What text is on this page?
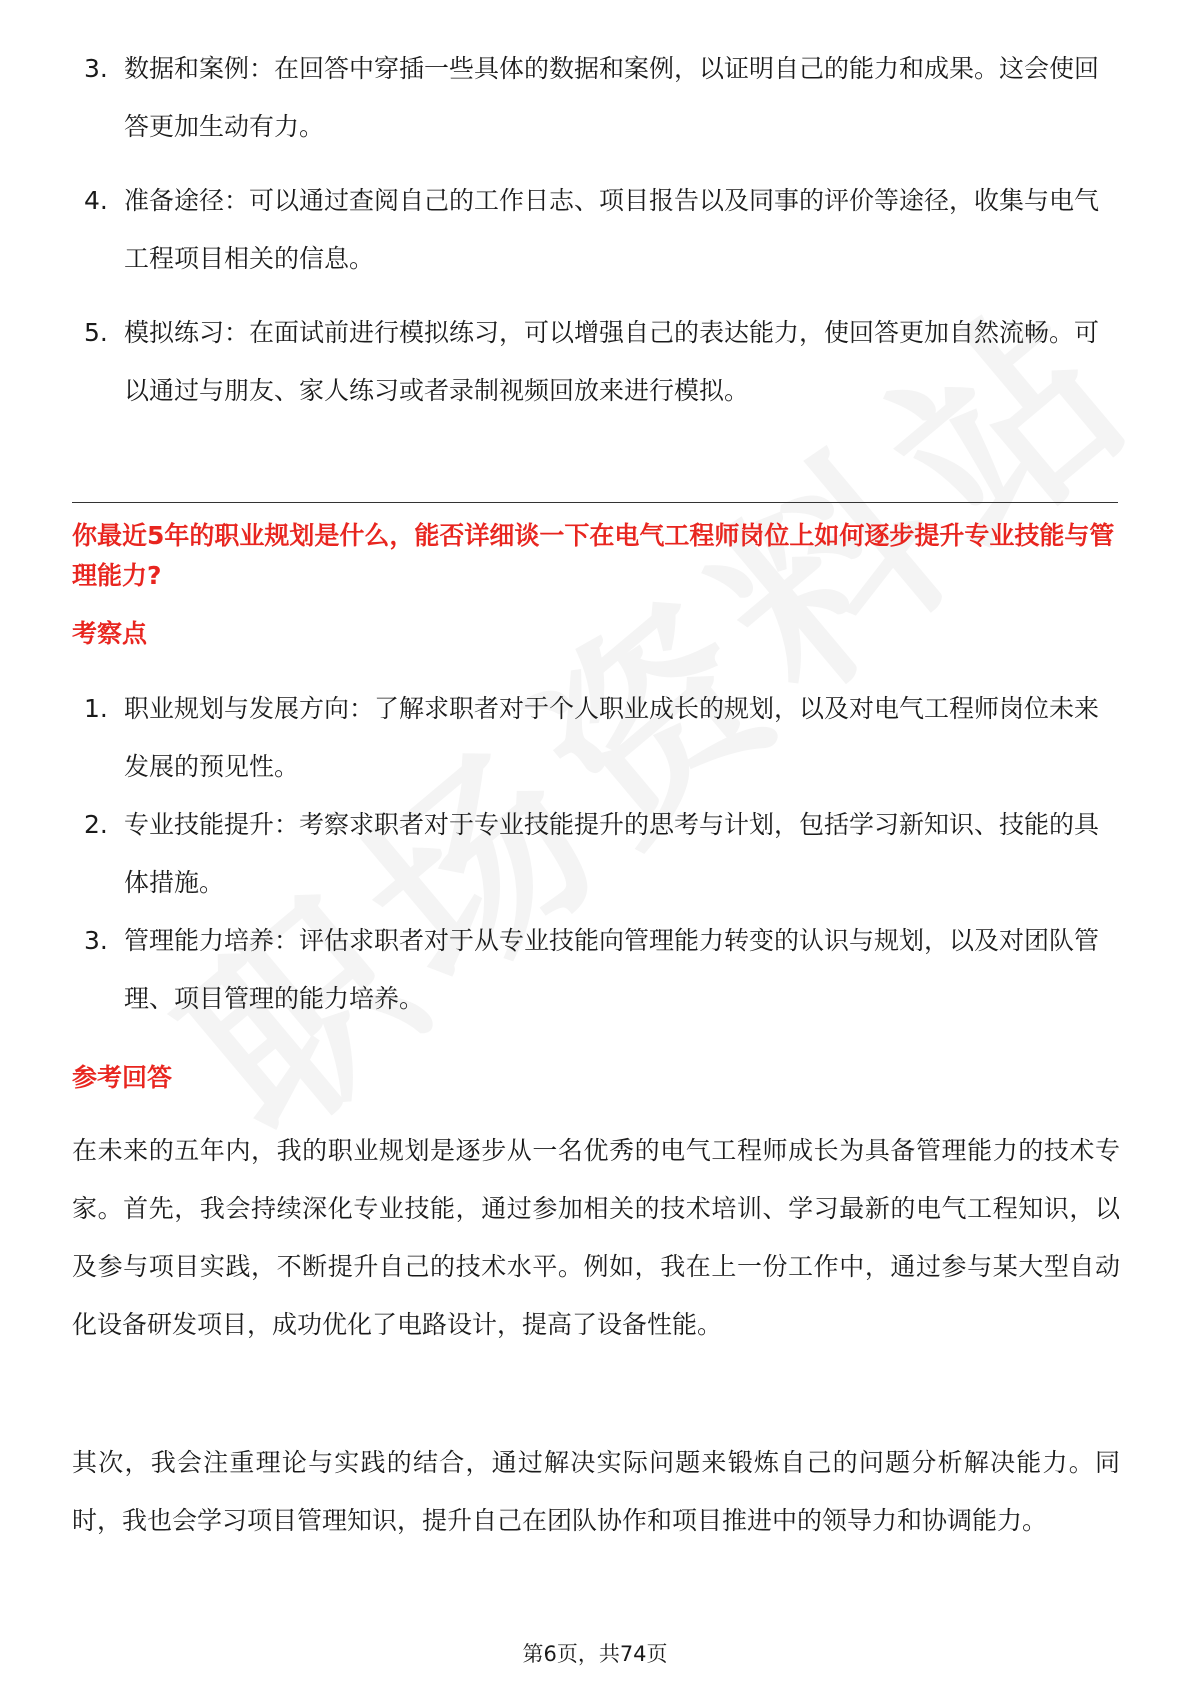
3. 数据和案例：在回答中穿插一些具体的数据和案例，以证明自己的能力和成果。这会使回答更加生动有力。
4. 准备途径：可以通过查阅自己的工作日志、项目报告以及同事的评价等途径，收集与电气工程项目相关的信息。
5. 模拟练习：在面试前进行模拟练习，可以增强自己的表达能力，使回答更加自然流畅。可以通过与朋友、家人练习或者录制视频回放来进行模拟。

你最近5年的职业规划是什么，能否详细谈一下在电气工程师岗位上如何逐步提升专业技能与管理能力?

考察点

1. 职业规划与发展方向：了解求职者对于个人职业成长的规划，以及对电气工程师岗位未来发展的预见性。
2. 专业技能提升：考察求职者对于专业技能提升的思考与计划，包括学习新知识、技能的具体措施。
3. 管理能力培养：评估求职者对于从专业技能向管理能力转变的认识与规划，以及对团队管理、项目管理的能力培养。

参考回答

在未来的五年内，我的职业规划是逐步从一名优秀的电气工程师成长为具备管理能力的技术专家。首先，我会持续深化专业技能，通过参加相关的技术培训、学习最新的电气工程知识，以及参与项目实践，不断提升自己的技术水平。例如，我在上一份工作中，通过参与某大型自动化设备研发项目，成功优化了电路设计，提高了设备性能。

其次，我会注重理论与实践的结合，通过解决实际问题来锻炼自己的问题分析解决能力。同时，我也会学习项目管理知识，提升自己在团队协作和项目推进中的领导力和协调能力。

第6页，共74页
